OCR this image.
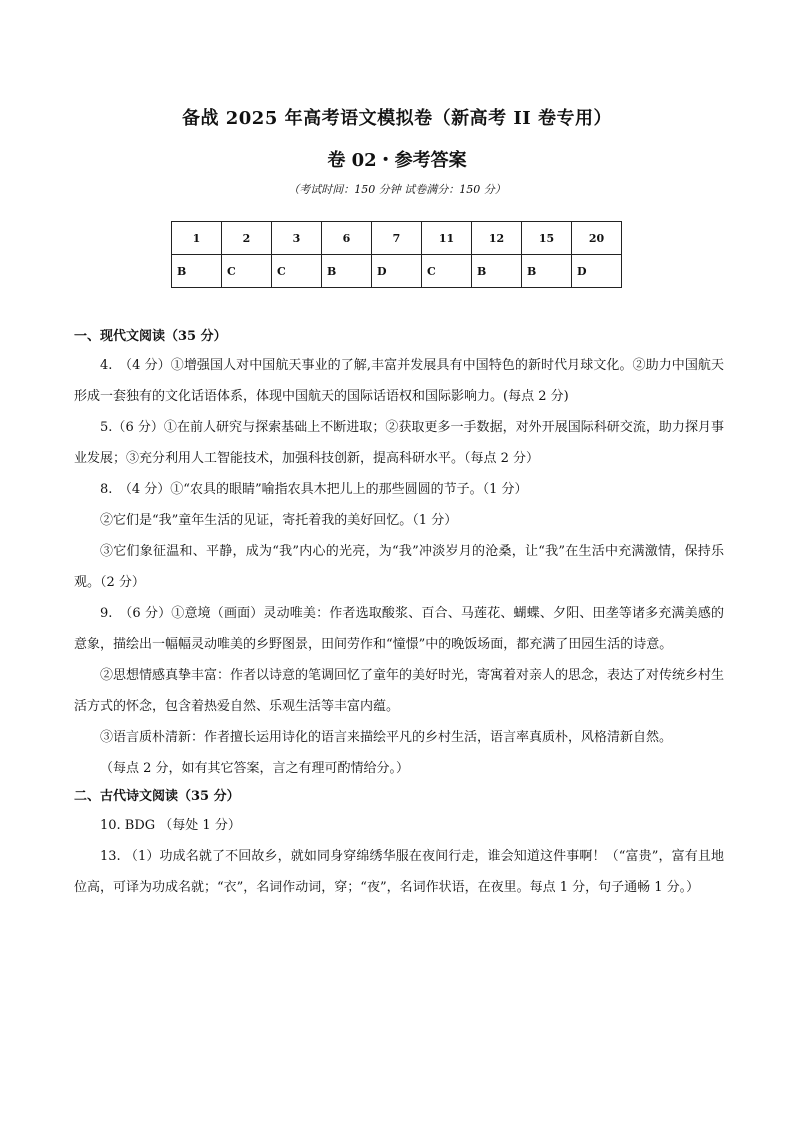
备战 2025 年高考语文模拟卷（新高考 II 卷专用）
卷 02・参考答案
（考试时间：150 分钟 试卷满分：150 分）
1	2	3	6	7	11	12	15	20
B	C	C	B	D	C	B	B	D

一、现代文阅读（35 分）

4.　（4 分）①增强国人对中国航天事业的了解,丰富并发展具有中国特色的新时代月球文化。②助力中国航天形成一套独有的文化话语体系，体现中国航天的国际话语权和国际影响力。(每点 2 分)

5.（6 分）①在前人研究与探索基础上不断进取；②获取更多一手数据，对外开展国际科研交流，助力探月事业发展；③充分利用人工智能技术，加强科技创新，提高科研水平。（每点 2 分）

8.　（4 分）①“农具的眼睛”喻指农具木把儿上的那些圆圆的节子。（1 分）

②它们是“我”童年生活的见证，寄托着我的美好回忆。（1 分）

③它们象征温和、平静，成为“我”内心的光亮，为“我”冲淡岁月的沧桑，让“我”在生活中充满激情，保持乐观。（2 分）

9.　（6 分）①意境（画面）灵动唯美：作者选取酸浆、百合、马莲花、蝴蝶、夕阳、田垄等诸多充满美感的意象，描绘出一幅幅灵动唯美的乡野图景，田间劳作和“憧憬”中的晚饭场面，都充满了田园生活的诗意。

②思想情感真挚丰富：作者以诗意的笔调回忆了童年的美好时光，寄寓着对亲人的思念，表达了对传统乡村生活方式的怀念，包含着热爱自然、乐观生活等丰富内蕴。

③语言质朴清新：作者擅长运用诗化的语言来描绘平凡的乡村生活，语言率真质朴，风格清新自然。

（每点 2 分，如有其它答案，言之有理可酌情给分。）

二、古代诗文阅读（35 分）

10. BDG （每处 1 分）

13. （1）功成名就了不回故乡，就如同身穿绵绣华服在夜间行走，谁会知道这件事啊！（“富贵”，富有且地位高，可译为功成名就；“衣”，名词作动词，穿；“夜”，名词作状语，在夜里。每点 1 分，句子通畅 1 分。）
